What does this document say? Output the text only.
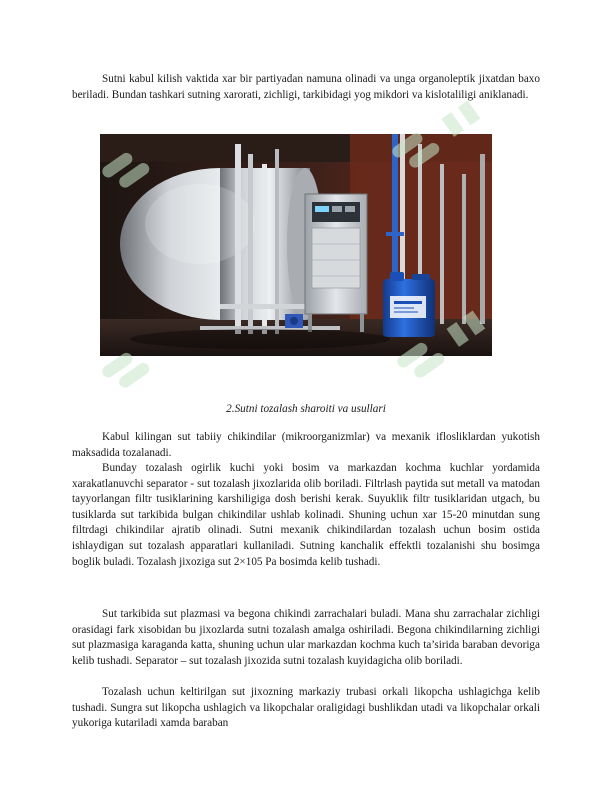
Sutni kabul kilish vaktida xar bir partiyadan namuna olinadi va unga organoleptik jixatdan baxo beriladi. Bundan tashkari sutning xarorati, zichligi, tarkibidagi yog mikdori va kislotaliligi aniklanadi.

2.Sutni tozalash sharoiti va usullari

Kabul kilingan sut tabiiy chikindilar (mikroorganizmlar) va mexanik iflosliklardan yukotish maksadida tozalanadi.

Bunday tozalash ogirlik kuchi yoki bosim va markazdan kochma kuchlar yordamida xarakatlanuvchi separator - sut tozalash jixozlarida olib boriladi. Filtrlash paytida sut metall va matodan tayyorlangan filtr tusiklarining karshiligiga dosh berishi kerak. Suyuklik filtr tusiklaridan utgach, bu tusiklarda sut tarkibida bulgan chikindilar ushlab kolinadi. Shuning uchun xar 15-20 minutdan sung filtrdagi chikindilar ajratib olinadi. Sutni mexanik chikindilardan tozalash uchun bosim ostida ishlaydigan sut tozalash apparatlari kullaniladi. Sutning kanchalik effektli tozalanishi shu bosimga boglik buladi. Tozalash jixoziga sut 2×105 Pa bosimda kelib tushadi.

Sut tarkibida sut plazmasi va begona chikindi zarrachalari buladi. Mana shu zarrachalar zichligi orasidagi fark xisobidan bu jixozlarda sutni tozalash amalga oshiriladi. Begona chikindilarning zichligi sut plazmasiga karaganda katta, shuning uchun ular markazdan kochma kuch ta’sirida baraban devoriga kelib tushadi. Separator – sut tozalash jixozida sutni tozalash kuyidagicha olib boriladi.

Tozalash uchun keltirilgan sut jixozning markaziy trubasi orkali likopcha ushlagichga kelib tushadi. Sungra sut likopcha ushlagich va likopchalar oraligidagi bushlikdan utadi va likopchalar orkali yukoriga kutariladi xamda baraban
